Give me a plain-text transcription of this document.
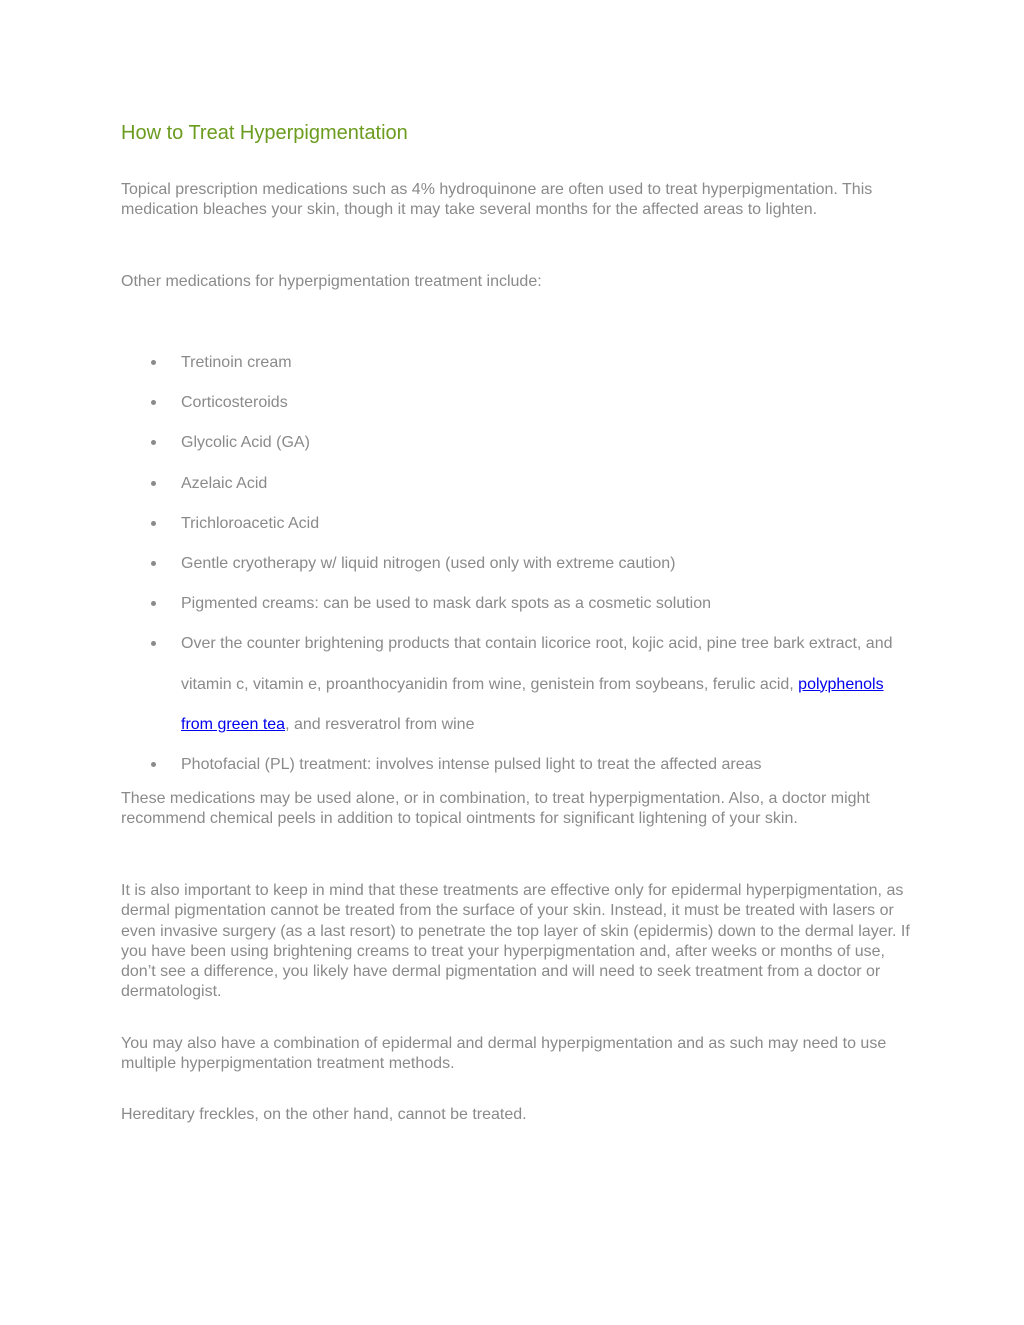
How to Treat Hyperpigmentation

Topical prescription medications such as 4% hydroquinone are often used to treat hyperpigmentation. This medication bleaches your skin, though it may take several months for the affected areas to lighten.

Other medications for hyperpigmentation treatment include:

Tretinoin cream
Corticosteroids
Glycolic Acid (GA)
Azelaic Acid
Trichloroacetic Acid
Gentle cryotherapy w/ liquid nitrogen (used only with extreme caution)
Pigmented creams: can be used to mask dark spots as a cosmetic solution
Over the counter brightening products that contain licorice root, kojic acid, pine tree bark extract, and vitamin c, vitamin e, proanthocyanidin from wine, genistein from soybeans, ferulic acid, polyphenols from green tea, and resveratrol from wine
Photofacial (PL) treatment: involves intense pulsed light to treat the affected areas

These medications may be used alone, or in combination, to treat hyperpigmentation. Also, a doctor might recommend chemical peels in addition to topical ointments for significant lightening of your skin.

It is also important to keep in mind that these treatments are effective only for epidermal hyperpigmentation, as dermal pigmentation cannot be treated from the surface of your skin. Instead, it must be treated with lasers or even invasive surgery (as a last resort) to penetrate the top layer of skin (epidermis) down to the dermal layer. If you have been using brightening creams to treat your hyperpigmentation and, after weeks or months of use, don’t see a difference, you likely have dermal pigmentation and will need to seek treatment from a doctor or dermatologist.

You may also have a combination of epidermal and dermal hyperpigmentation and as such may need to use multiple hyperpigmentation treatment methods.

Hereditary freckles, on the other hand, cannot be treated.
